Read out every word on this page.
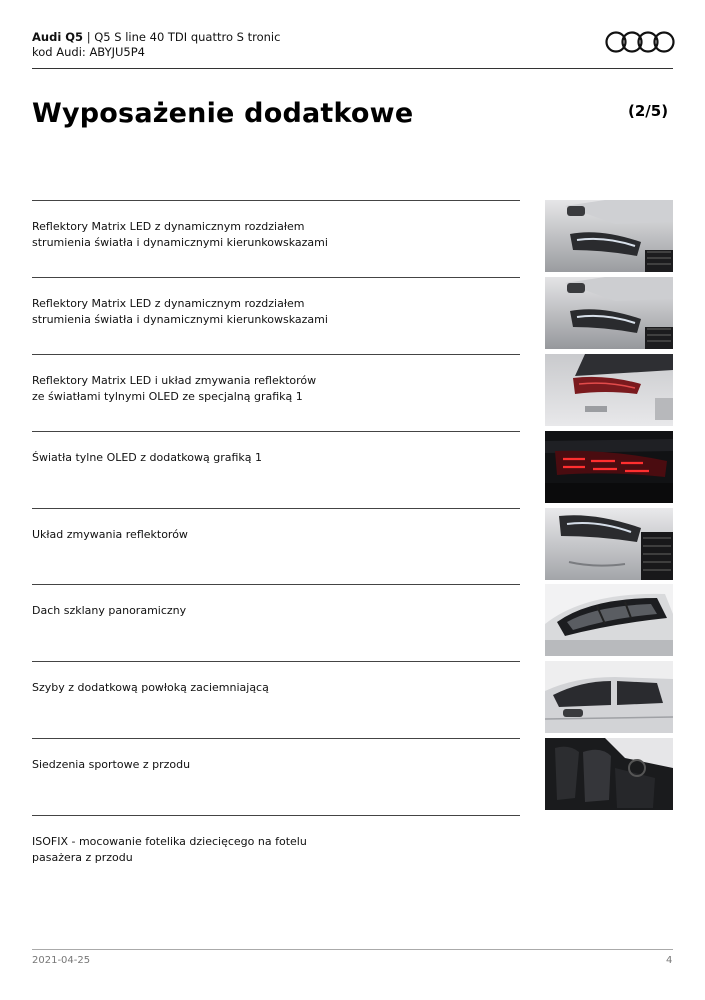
Audi Q5 | Q5 S line 40 TDI quattro S tronic
kod Audi: ABYJU5P4
Wyposażenie dodatkowe	(2/5)
Reflektory Matrix LED z dynamicznym rozdziałem strumienia światła i dynamicznymi kierunkowskazami
Reflektory Matrix LED z dynamicznym rozdziałem strumienia światła i dynamicznymi kierunkowskazami
Reflektory Matrix LED i układ zmywania reflektorów ze światłami tylnymi OLED ze specjalną grafiką 1
Światła tylne OLED z dodatkową grafiką 1
Układ zmywania reflektorów
Dach szklany panoramiczny
Szyby z dodatkową powłoką zaciemniającą
Siedzenia sportowe z przodu
ISOFIX - mocowanie fotelika dziecięcego na fotelu pasażera z przodu
2021-04-25	4
